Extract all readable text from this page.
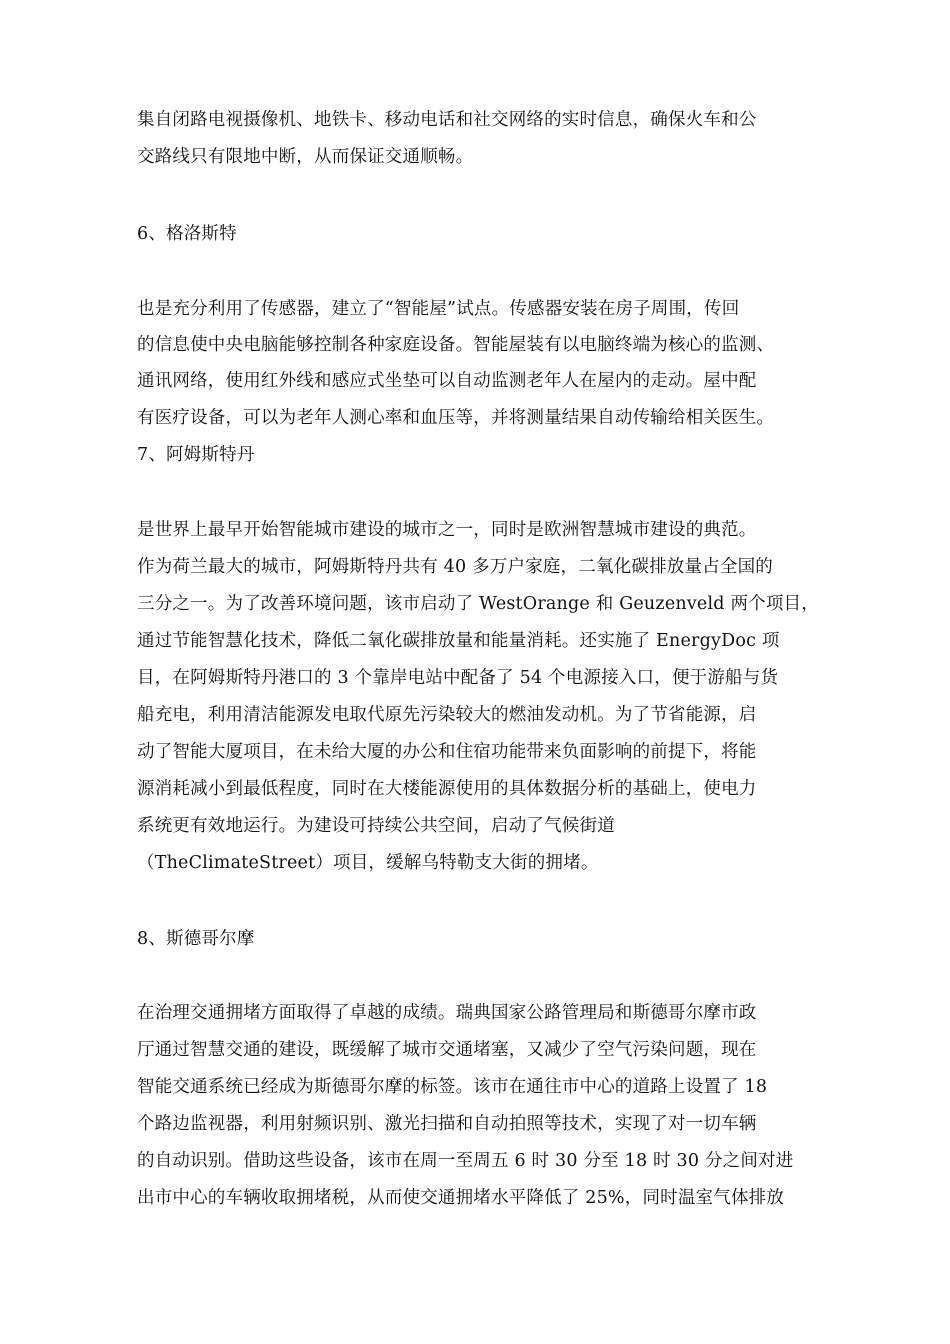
集自闭路电视摄像机、地铁卡、移动电话和社交网络的实时信息，确保火车和公
交路线只有限地中断，从而保证交通顺畅。
6、格洛斯特
也是充分利用了传感器，建立了“智能屋”试点。传感器安装在房子周围，传回
的信息使中央电脑能够控制各种家庭设备。智能屋装有以电脑终端为核心的监测、
通讯网络，使用红外线和感应式坐垫可以自动监测老年人在屋内的走动。屋中配
有医疗设备，可以为老年人测心率和血压等，并将测量结果自动传输给相关医生。
7、阿姆斯特丹
是世界上最早开始智能城市建设的城市之一，同时是欧洲智慧城市建设的典范。
作为荷兰最大的城市，阿姆斯特丹共有 40 多万户家庭，二氧化碳排放量占全国的
三分之一。为了改善环境问题，该市启动了 WestOrange 和 Geuzenveld 两个项目，
通过节能智慧化技术，降低二氧化碳排放量和能量消耗。还实施了 EnergyDoc 项
目，在阿姆斯特丹港口的 3 个靠岸电站中配备了 54 个电源接入口，便于游船与货
船充电，利用清洁能源发电取代原先污染较大的燃油发动机。为了节省能源，启
动了智能大厦项目，在未给大厦的办公和住宿功能带来负面影响的前提下，将能
源消耗减小到最低程度，同时在大楼能源使用的具体数据分析的基础上，使电力
系统更有效地运行。为建设可持续公共空间，启动了气候街道
（TheClimateStreet）项目，缓解乌特勒支大街的拥堵。
8、斯德哥尔摩
在治理交通拥堵方面取得了卓越的成绩。瑞典国家公路管理局和斯德哥尔摩市政
厅通过智慧交通的建设，既缓解了城市交通堵塞，又减少了空气污染问题，现在
智能交通系统已经成为斯德哥尔摩的标签。该市在通往市中心的道路上设置了 18
个路边监视器，利用射频识别、激光扫描和自动拍照等技术，实现了对一切车辆
的自动识别。借助这些设备，该市在周一至周五 6 时 30 分至 18 时 30 分之间对进
出市中心的车辆收取拥堵税，从而使交通拥堵水平降低了 25%，同时温室气体排放
